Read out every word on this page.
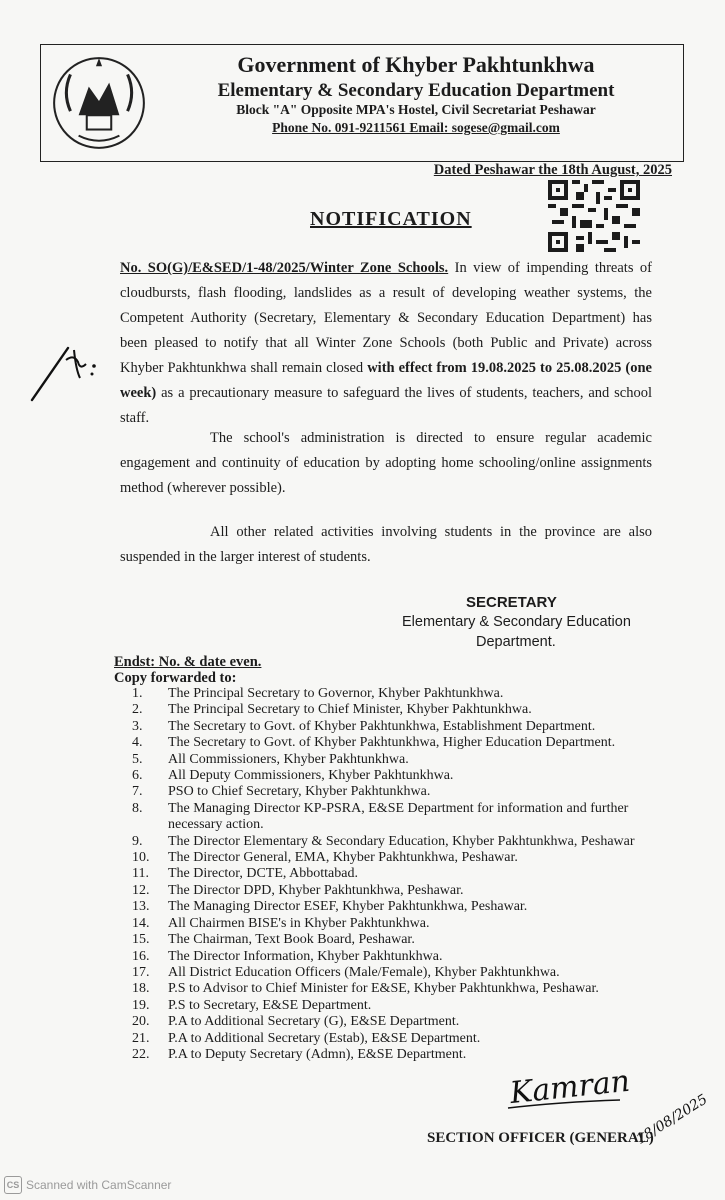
Government of Khyber Pakhtunkhwa
Elementary & Secondary Education Department
Block "A" Opposite MPA's Hostel, Civil Secretariat Peshawar
Phone No. 091-9211561 Email: sogese@gmail.com
Dated Peshawar the 18th August, 2025
NOTIFICATION
No. SO(G)/E&SED/1-48/2025/Winter Zone Schools. In view of impending threats of cloudbursts, flash flooding, landslides as a result of developing weather systems, the Competent Authority (Secretary, Elementary & Secondary Education Department) has been pleased to notify that all Winter Zone Schools (both Public and Private) across Khyber Pakhtunkhwa shall remain closed with effect from 19.08.2025 to 25.08.2025 (one week) as a precautionary measure to safeguard the lives of students, teachers, and school staff.
The school's administration is directed to ensure regular academic engagement and continuity of education by adopting home schooling/online assignments method (wherever possible).
All other related activities involving students in the province are also suspended in the larger interest of students.
SECRETARY
Elementary & Secondary Education
Department.
Endst: No. & date even.
Copy forwarded to:
1.	The Principal Secretary to Governor, Khyber Pakhtunkhwa.
2.	The Principal Secretary to Chief Minister, Khyber Pakhtunkhwa.
3.	The Secretary to Govt. of Khyber Pakhtunkhwa, Establishment Department.
4.	The Secretary to Govt. of Khyber Pakhtunkhwa, Higher Education Department.
5.	All Commissioners, Khyber Pakhtunkhwa.
6.	All Deputy Commissioners, Khyber Pakhtunkhwa.
7.	PSO to Chief Secretary, Khyber Pakhtunkhwa.
8.	The Managing Director KP-PSRA, E&SE Department for information and further necessary action.
9.	The Director Elementary & Secondary Education, Khyber Pakhtunkhwa, Peshawar
10.	The Director General, EMA, Khyber Pakhtunkhwa, Peshawar.
11.	The Director, DCTE, Abbottabad.
12.	The Director DPD, Khyber Pakhtunkhwa, Peshawar.
13.	The Managing Director ESEF, Khyber Pakhtunkhwa, Peshawar.
14.	All Chairmen BISE's in Khyber Pakhtunkhwa.
15.	The Chairman, Text Book Board, Peshawar.
16.	The Director Information, Khyber Pakhtunkhwa.
17.	All District Education Officers (Male/Female), Khyber Pakhtunkhwa.
18.	P.S to Advisor to Chief Minister for E&SE, Khyber Pakhtunkhwa, Peshawar.
19.	P.S to Secretary, E&SE Department.
20.	P.A to Additional Secretary (G), E&SE Department.
21.	P.A to Additional Secretary (Estab), E&SE Department.
22.	P.A to Deputy Secretary (Admn), E&SE Department.
Kamran
18/08/2025
SECTION OFFICER (GENERAL)
CS Scanned with CamScanner
